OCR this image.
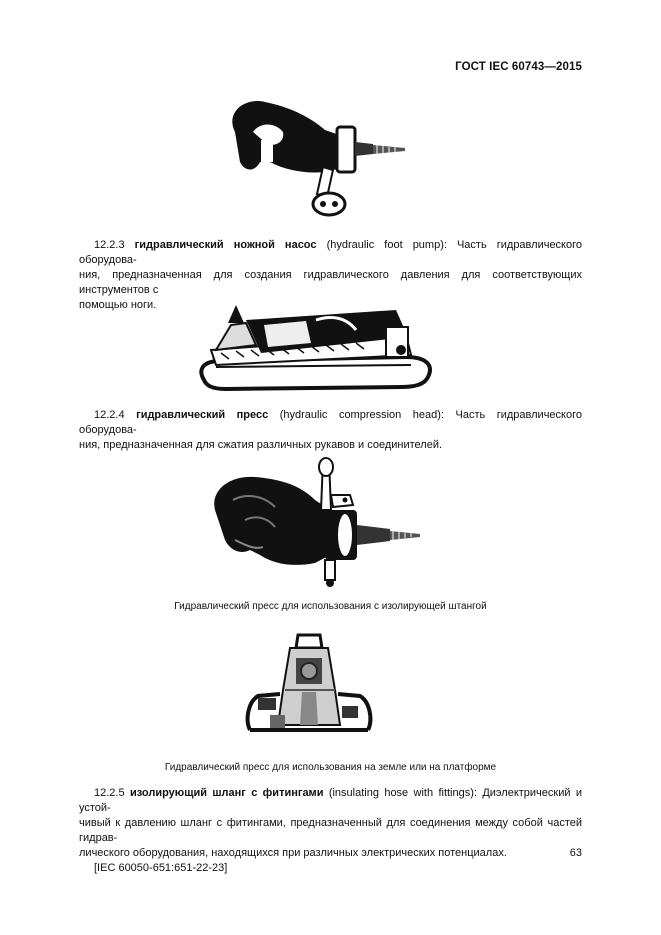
ГОСТ IEC 60743—2015

12.2.3 гидравлический ножной насос (hydraulic foot pump): Часть гидравлического оборудова-

ния, предназначенная для создания гидравлического давления для соответствующих инструментов с

помощью ноги.

12.2.4 гидравлический пресс (hydraulic compression head): Часть гидравлического оборудова-

ния, предназначенная для сжатия различных рукавов и соединителей.

Гидравлический пресс для использования с изолирующей штангой
Гидравлический пресс для использования на земле или на платформе

12.2.5 изолирующий шланг с фитингами (insulating hose with fittings): Диэлектрический и устой-

чивый к давлению шланг с фитингами, предназначенный для соединения между собой частей гидрав-

лического оборудования, находящихся при различных электрических потенциалах.

[IEC 60050-651:651-22-23]

63
